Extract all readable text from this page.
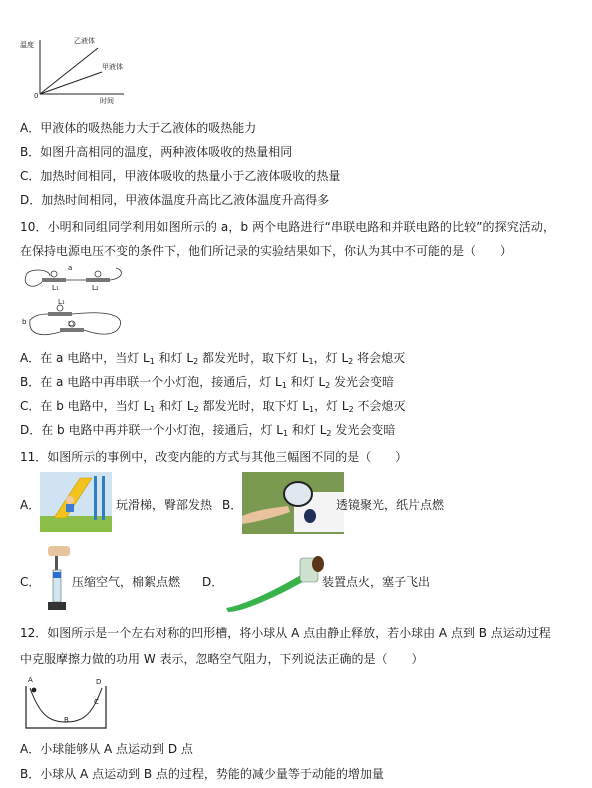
温度
0
时间
乙液体
甲液体
A．甲液体的吸热能力大于乙液体的吸热能力
B．如图升高相同的温度，两种液体吸收的热量相同
C．加热时间相同，甲液体吸收的热量小于乙液体吸收的热量
D．加热时间相同，甲液体温度升高比乙液体温度升高得多
10．小明和同组同学利用如图所示的 a，b 两个电路进行“串联电路和并联电路的比较”的探究活动，
在保持电源电压不变的条件下，他们所记录的实验结果如下，你认为其中不可能的是（　　）
a
L₁	L₂
b
L₁
L₂
A．在 a 电路中，当灯 $L_1$ 和灯 $L_2$ 都发光时，取下灯 $L_1$，灯 $L_2$ 将会熄灭
B．在 a 电路中再串联一个小灯泡，接通后，灯 $L_1$ 和灯 $L_2$ 发光会变暗
C．在 b 电路中，当灯 $L_1$ 和灯 $L_2$ 都发光时，取下灯 $L_1$，灯 $L_2$ 不会熄灭
D．在 b 电路中再并联一个小灯泡，接通后，灯 $L_1$ 和灯 $L_2$ 发光会变暗
11．如图所示的事例中，改变内能的方式与其他三幅图不同的是（　　）
A．	玩滑梯，臀部发热 B．	透镜聚光，纸片点燃
C．	压缩空气，棉絮点燃 D．	装置点火，塞子飞出
12．如图所示是一个左右对称的凹形槽，将小球从 A 点由静止释放，若小球由 A 点到 B 点运动过程
中克服摩擦力做的功用 W 表示，忽略空气阻力，下列说法正确的是（　　）
A	D
C
B
A．小球能够从 A 点运动到 D 点
B．小球从 A 点运动到 B 点的过程，势能的减少量等于动能的增加量
